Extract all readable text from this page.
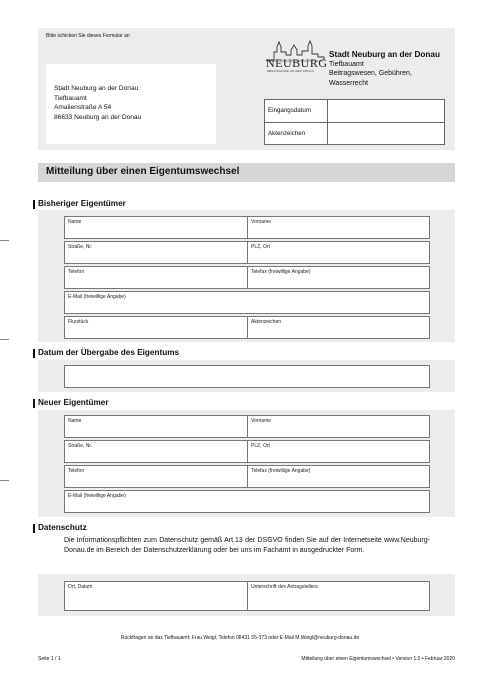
Bitte schicken Sie dieses Formular an
Stadt Neuburg an der Donau
Tiefbauamt
Amalienstraße A 54
86633 Neuburg an der Donau
NEUBURG
RENAISSANCE AN DER DONAU
Stadt Neuburg an der Donau
Tiefbauamt
Beitragswesen, Gebühren,
Wasserrecht
Eingangsdatum
Aktenzeichen
Mitteilung über einen Eigentumswechsel
Bisheriger Eigentümer
Name	Vorname
Straße, Nr.	PLZ, Ort
Telefon	Telefax (freiwillige Angabe)
E-Mail (freiwillige Angabe)
Flurstück	Aktenzeichen
Datum der Übergabe des Eigentums
Neuer Eigentümer
Name	Vorname
Straße, Nr.	PLZ, Ort
Telefon	Telefax (freiwillige Angabe)
E-Mail (freiwillige Angabe)
Datenschutz
Die Informationspflichten zum Datenschutz gemäß Art.13 der DSGVO finden Sie auf der Internetseite www.Neuburg-Donau.de im Bereich der Datenschutzerklärung oder bei uns im Fachamt in ausgedruckter Form.
Ort, Datum	Unterschrift des Antragstellers
Rückfragen an das Tiefbauamt: Frau Weigl, Telefon 08431 55-373 oder E-Mail M.Weigl@neuburg-donau.de
Seite 1 / 1	Mitteilung über einen Eigentumswechsel • Version 1.0 • Februar 2020
